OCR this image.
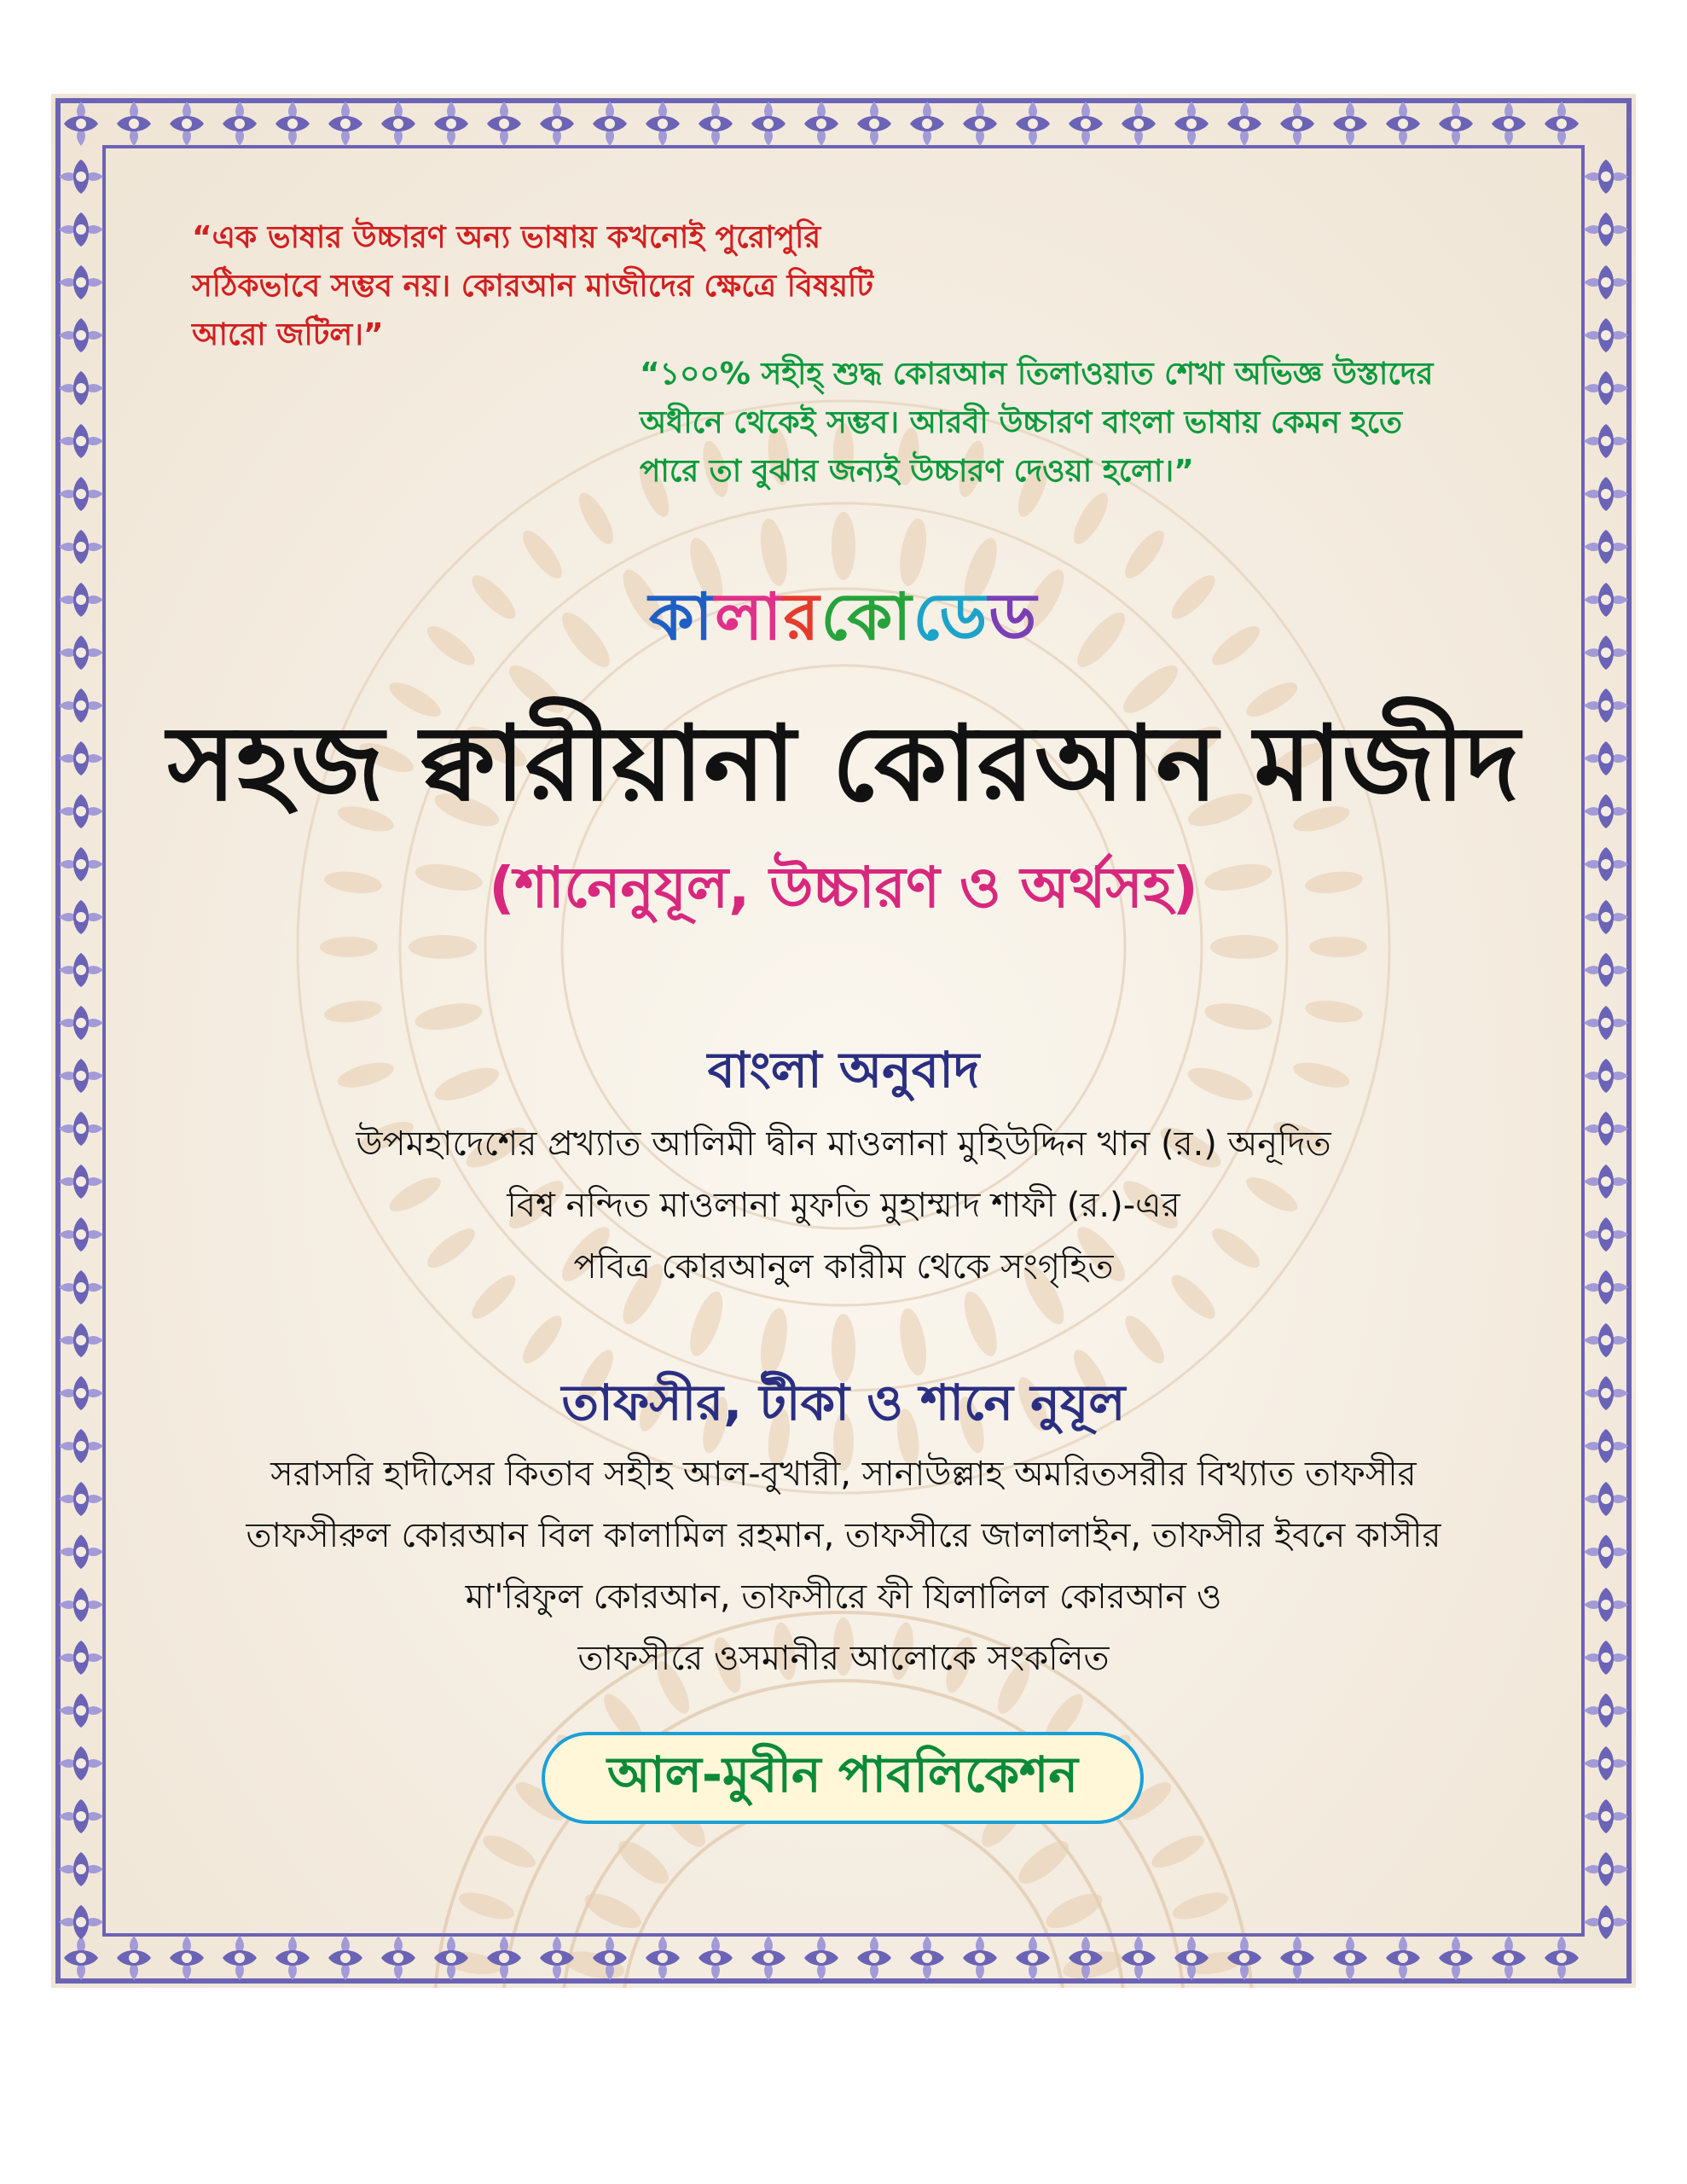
“এক ভাষার উচ্চারণ অন্য ভাষায় কখনোই পুরোপুরি
সঠিকভাবে সম্ভব নয়। কোরআন মাজীদের ক্ষেত্রে বিষয়টি
আরো জটিল।”
“১০০% সহীহ্ শুদ্ধ কোরআন তিলাওয়াত শেখা অভিজ্ঞ উস্তাদের
অধীনে থেকেই সম্ভব। আরবী উচ্চারণ বাংলা ভাষায় কেমন হতে
পারে তা বুঝার জন্যই উচ্চারণ দেওয়া হলো।”
কালারকোডেড
সহজ ক্বারীয়ানা কোরআন মাজীদ
(শানেনুযূল, উচ্চারণ ও অর্থসহ)
বাংলা অনুবাদ
উপমহাদেশের প্রখ্যাত আলিমী দ্বীন মাওলানা মুহিউদ্দিন খান (র.) অনূদিত
বিশ্ব নন্দিত মাওলানা মুফতি মুহাম্মাদ শাফী (র.)-এর
পবিত্র কোরআনুল কারীম থেকে সংগৃহিত
তাফসীর, টীকা ও শানে নুযূল
সরাসরি হাদীসের কিতাব সহীহ আল-বুখারী, সানাউল্লাহ অমরিতসরীর বিখ্যাত তাফসীর
তাফসীরুল কোরআন বিল কালামিল রহমান, তাফসীরে জালালাইন, তাফসীর ইবনে কাসীর
মা'রিফুল কোরআন, তাফসীরে ফী যিলালিল কোরআন ও
তাফসীরে ওসমানীর আলোকে সংকলিত
আল-মুবীন পাবলিকেশন
